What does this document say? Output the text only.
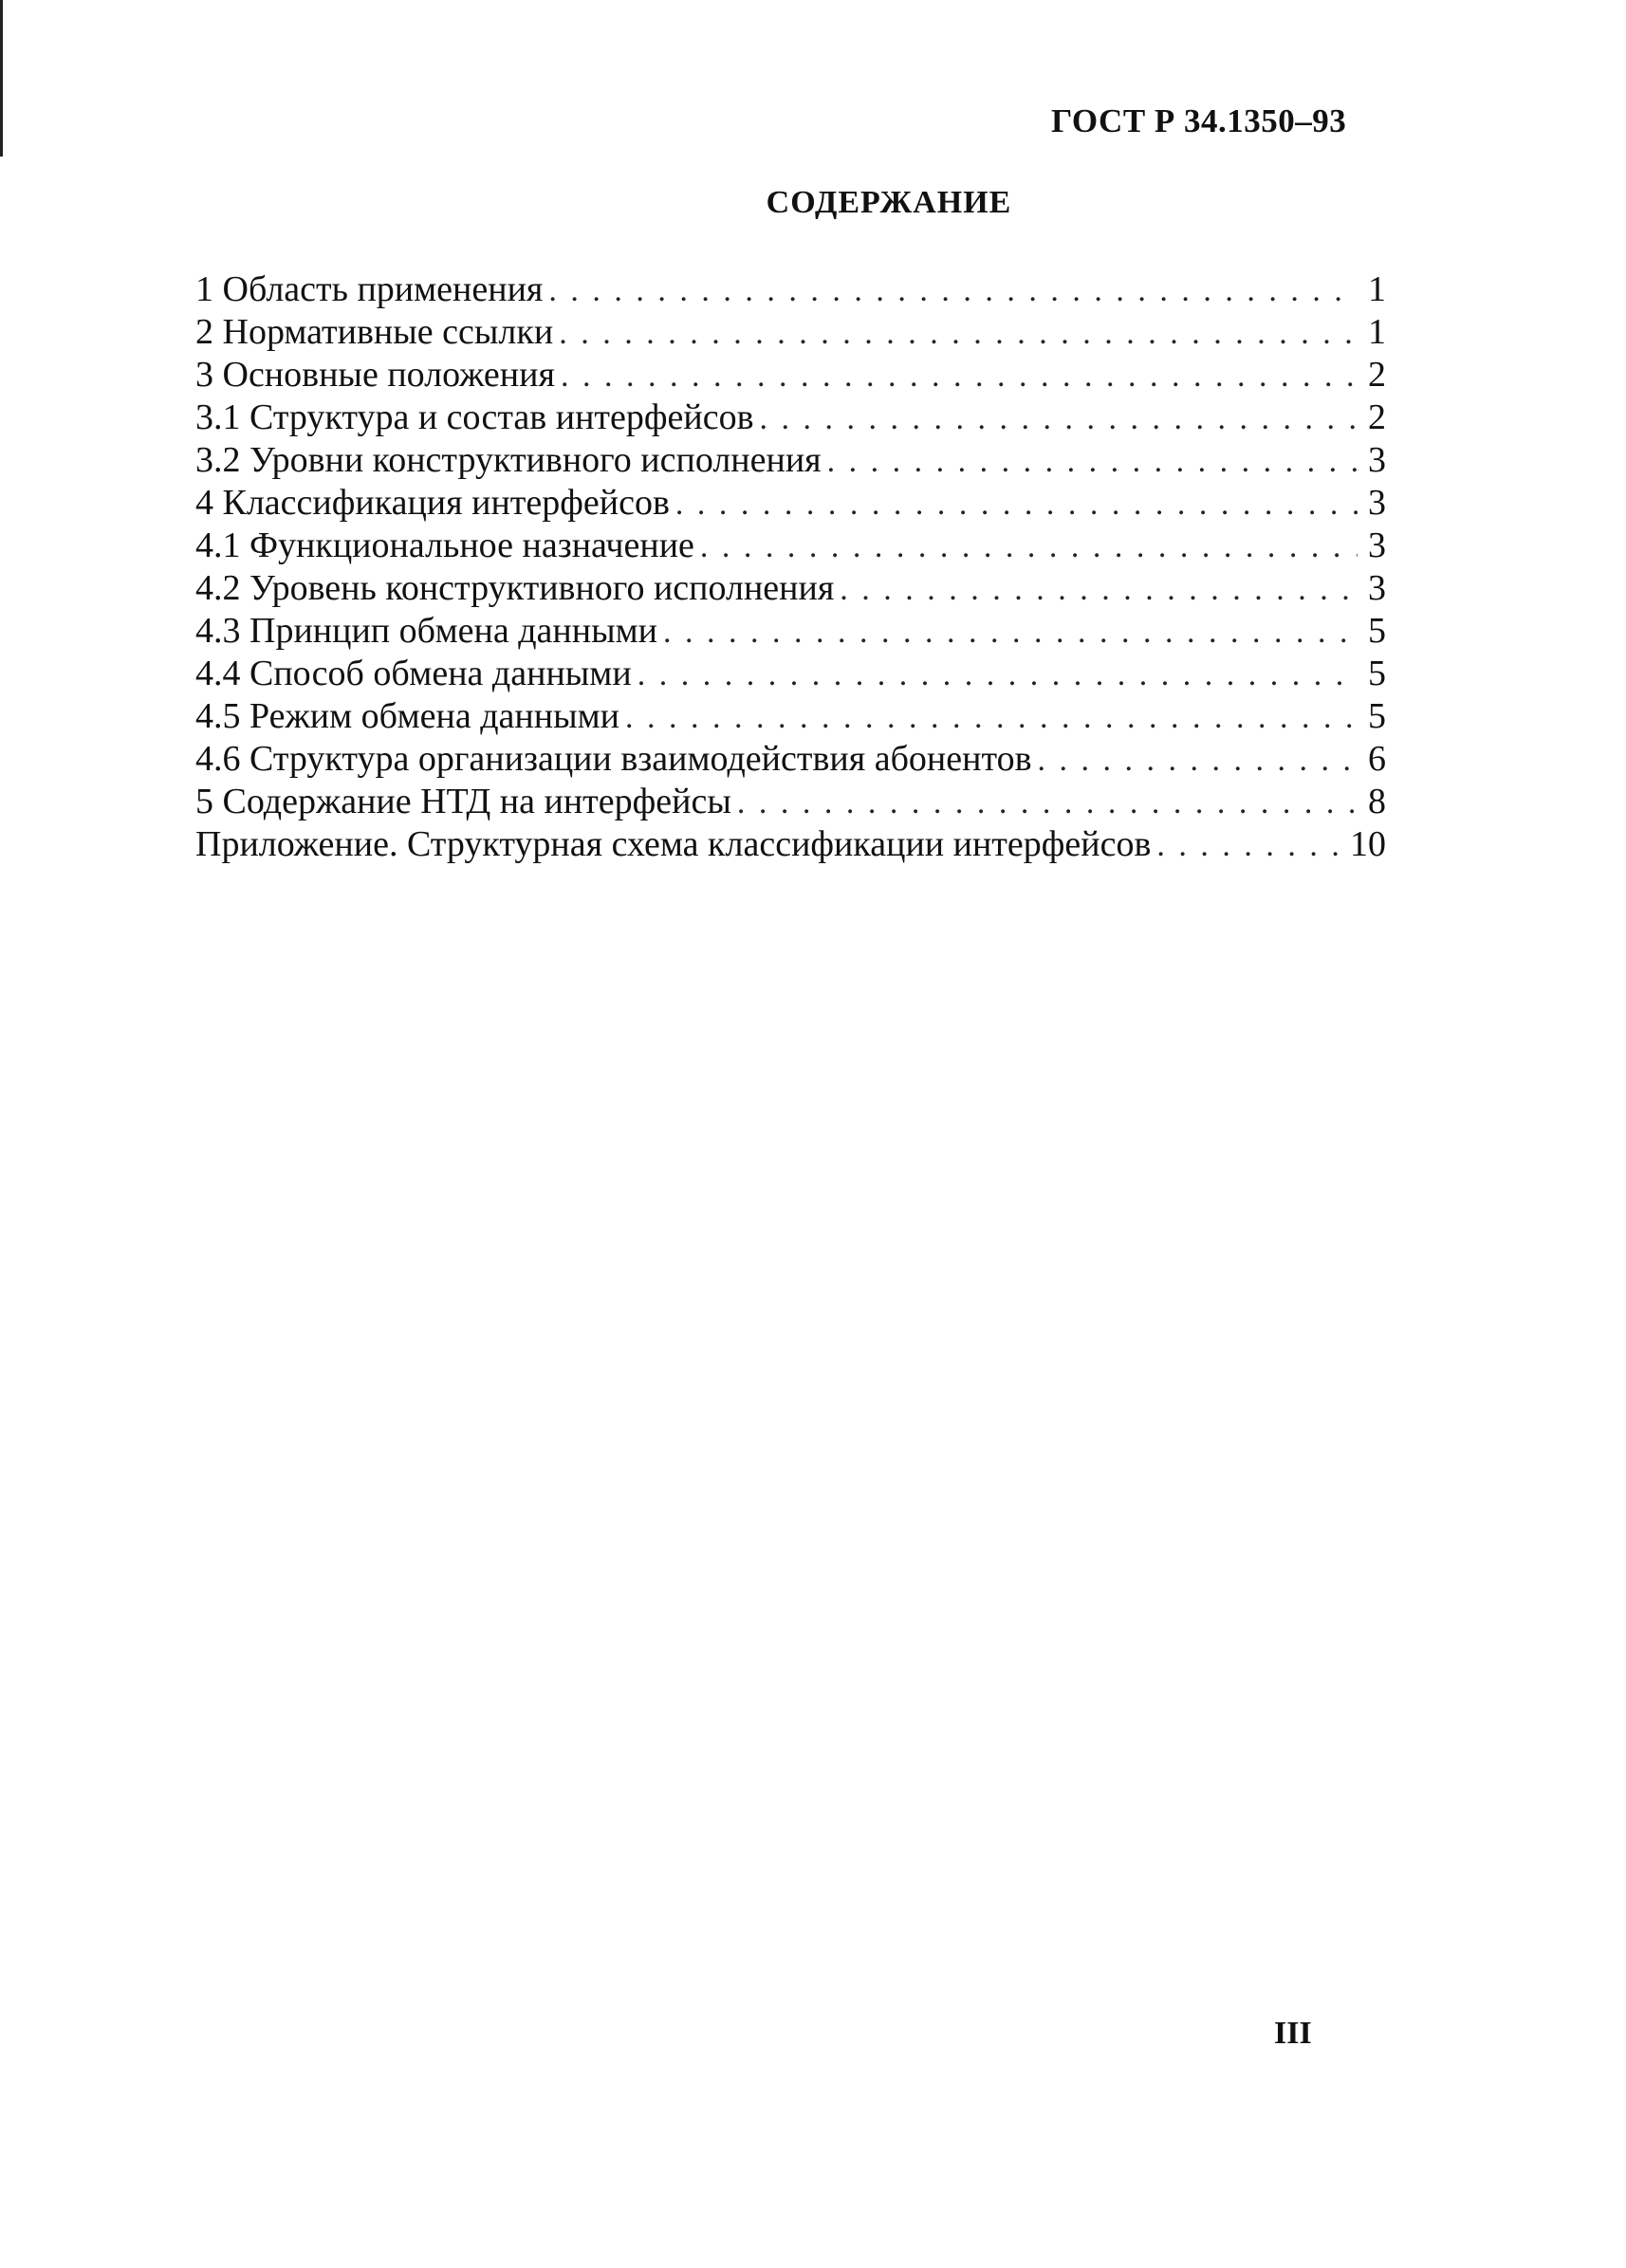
ГОСТ Р 34.1350–93
СОДЕРЖАНИЕ
1 Область применения . . .	1
2 Нормативные ссылки . . .	1
3 Основные положения . . .	2
3.1 Структура и состав интерфейсов . . .	2
3.2 Уровни конструктивного исполнения . . .	3
4 Классификация интерфейсов . . .	3
4.1 Функциональное назначение . . .	3
4.2 Уровень конструктивного исполнения . . .	3
4.3 Принцип обмена данными . . .	5
4.4 Способ обмена данными . . .	5
4.5 Режим обмена данными . . .	5
4.6 Структура организации взаимодействия абонентов . . .	6
5 Содержание НТД на интерфейсы . . .	8
Приложение. Структурная схема классификации интерфейсов . . .	10
III
